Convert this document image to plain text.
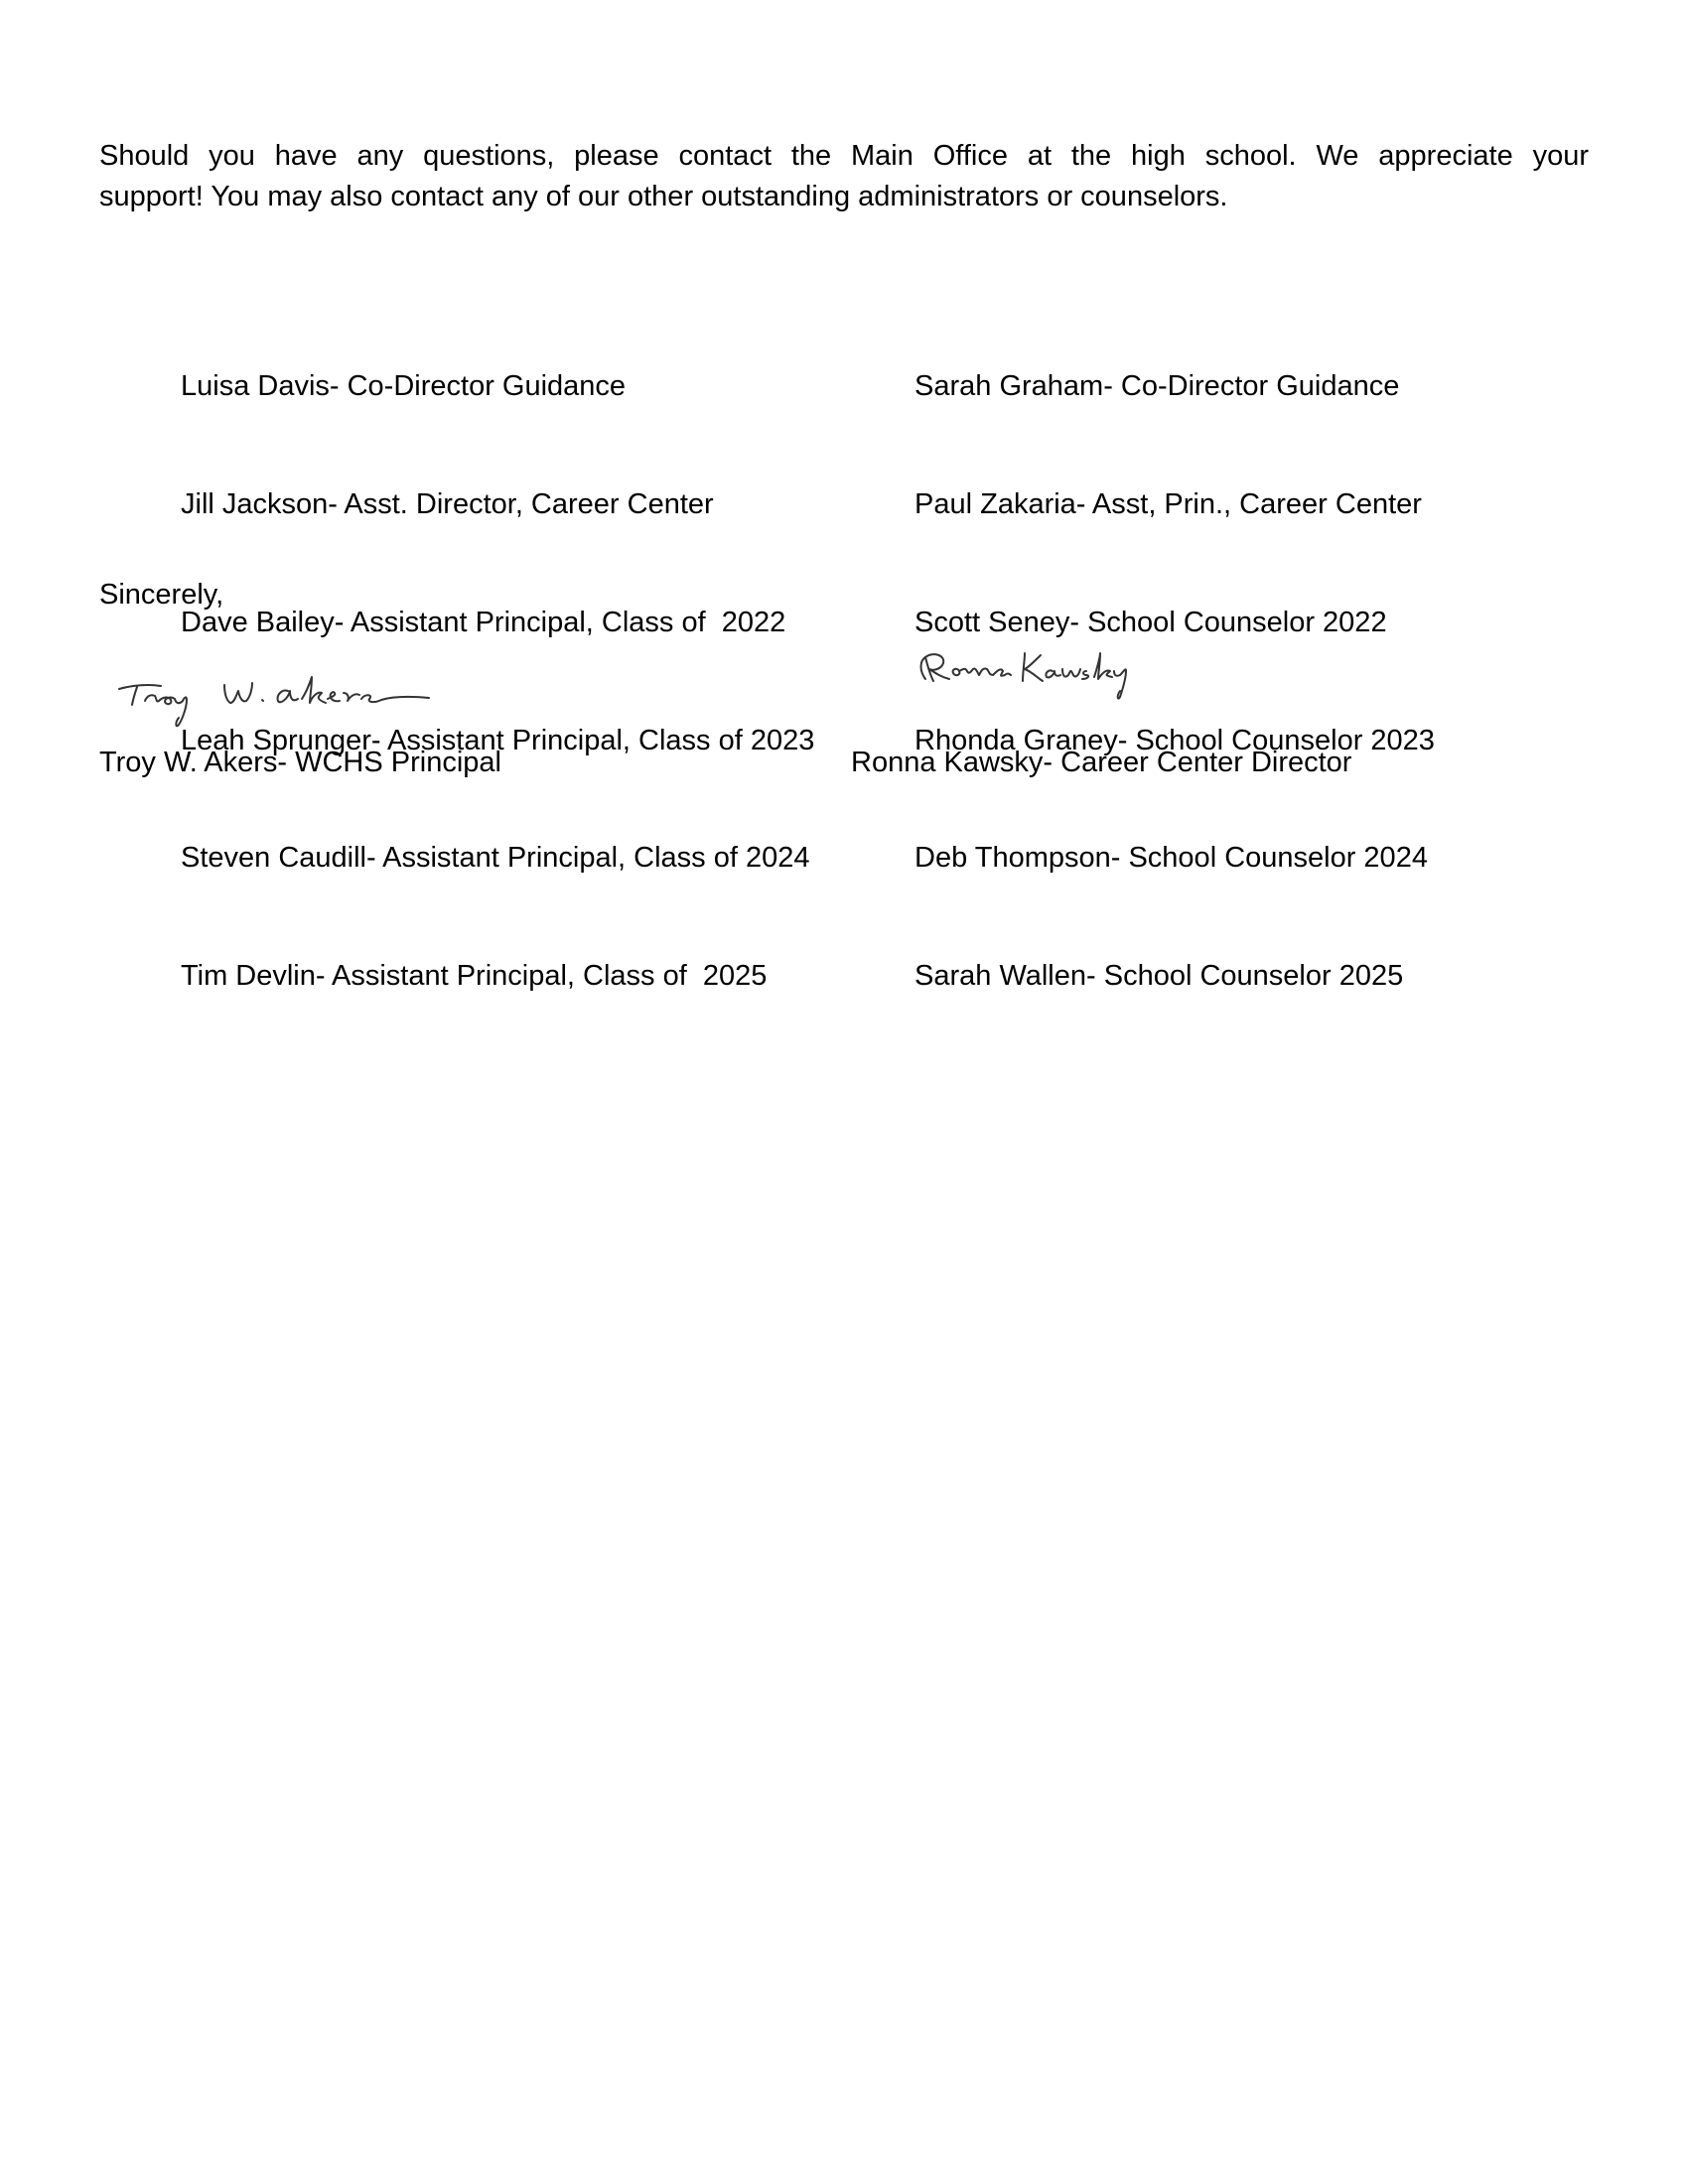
Should you have any questions, please contact the Main Office at the high school. We appreciate your
support! You may also contact any of our other outstanding administrators or counselors.

Luisa Davis- Co-Director Guidance

Jill Jackson- Asst. Director, Career Center

Dave Bailey- Assistant Principal, Class of  2022

Leah Sprunger- Assistant Principal, Class of 2023

Steven Caudill- Assistant Principal, Class of 2024

Tim Devlin- Assistant Principal, Class of  2025

Sarah Graham- Co-Director Guidance

Paul Zakaria- Asst, Prin., Career Center

Scott Seney- School Counselor 2022

Rhonda Graney- School Counselor 2023

Deb Thompson- School Counselor 2024

Sarah Wallen- School Counselor 2025

Sincerely,

Troy W. Akers- WCHS Principal	Ronna Kawsky- Career Center Director
